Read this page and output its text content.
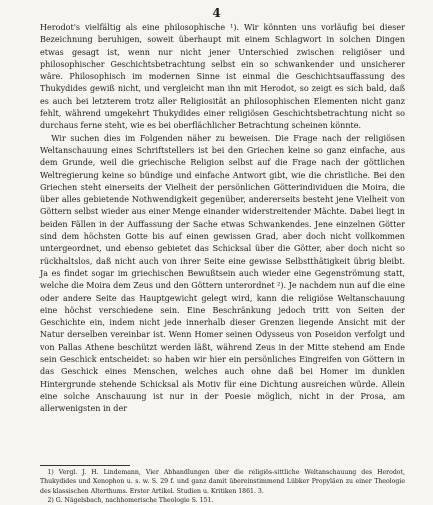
4

Herodot's vielfältig als eine philosophische ¹). Wir könnten uns vorläufig bei dieser Bezeichnung beruhigen, soweit überhaupt mit einem Schlagwort in solchen Dingen etwas gesagt ist, wenn nur nicht jener Unterschied zwischen religiöser und philosophischer Geschichtsbetrachtung selbst ein so schwankender und unsicherer wäre. Philosophisch im modernen Sinne ist einmal die Geschichtsauffassung des Thukydides gewiß nicht, und vergleicht man ihn mit Herodot, so zeigt es sich bald, daß es auch bei letzterem trotz aller Religiosität an philosophischen Elementen nicht ganz fehlt, während umgekehrt Thukydides einer religiösen Geschichtsbetrachtung nicht so durchaus ferne steht, wie es bei oberflächlicher Betrachtung scheinen könnte.

Wir suchen dies im Folgenden näher zu beweisen. Die Frage nach der religiösen Weltanschauung eines Schriftstellers ist bei den Griechen keine so ganz einfache, aus dem Grunde, weil die griechische Religion selbst auf die Frage nach der göttlichen Weltregierung keine so bündige und einfache Antwort gibt, wie die christliche. Bei den Griechen steht einerseits der Vielheit der persönlichen Götterindividuen die Moira, die über alles gebietende Nothwendigkeit gegenüber, andererseits besteht jene Vielheit von Göttern selbst wieder aus einer Menge einander widerstreitender Mächte. Dabei liegt in beiden Fällen in der Auffassung der Sache etwas Schwankendes. Jene einzelnen Götter sind dem höchsten Gotte bis auf einen gewissen Grad, aber doch nicht vollkommen untergeordnet, und ebenso gebietet das Schicksal über die Götter, aber doch nicht so rückhaltslos, daß nicht auch von ihrer Seite eine gewisse Selbstthätigkeit übrig bleibt. Ja es findet sogar im griechischen Bewußtsein auch wieder eine Gegenströmung statt, welche die Moira dem Zeus und den Göttern unterordnet ²). Je nachdem nun auf die eine oder andere Seite das Hauptgewicht gelegt wird, kann die religiöse Weltanschauung eine höchst verschiedene sein. Eine Beschränkung jedoch tritt von Seiten der Geschichte ein, indem nicht jede innerhalb dieser Grenzen liegende Ansicht mit der Natur derselben vereinbar ist. Wenn Homer seinen Odysseus von Poseidon verfolgt und von Pallas Athene beschützt werden läßt, während Zeus in der Mitte stehend am Ende sein Geschick entscheidet: so haben wir hier ein persönliches Eingreifen von Göttern in das Geschick eines Menschen, welches auch ohne daß bei Homer im dunklen Hintergrunde stehende Schicksal als Motiv für eine Dichtung ausreichen würde. Allein eine solche Anschauung ist nur in der Poesie möglich, nicht in der Prosa, am allerwenigsten in der

1) Vergl. J. H. Lindemann, Vier Abhandlungen über die religiös-sittliche Weltanschauung des Herodot, Thukydides und Xenophon u. s. w. S. 29 f. und ganz damit übereinstimmend Lübker Propyläen zu einer Theologie des klassischen Alterthums. Erster Artikel. Studien u. Kritiken 1861. 3.

2) G. Nägelsbach, nachhomerische Theologie S. 151.
